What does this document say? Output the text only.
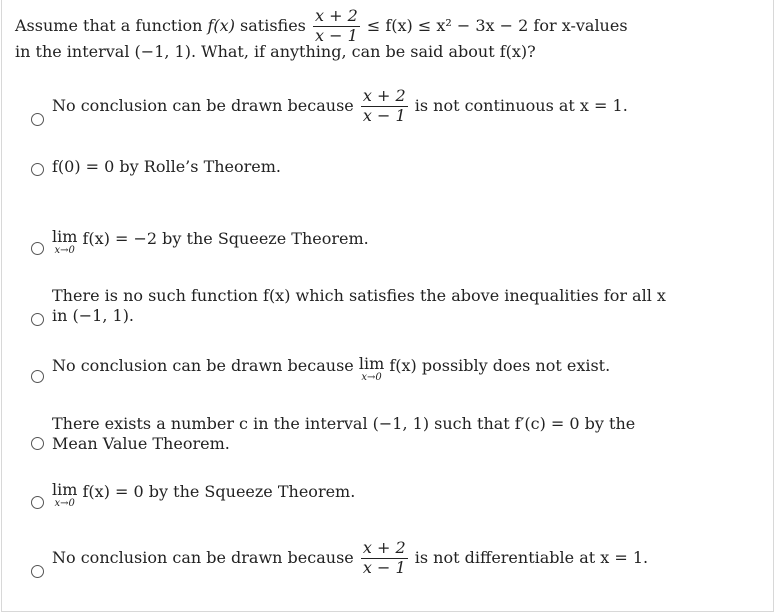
Assume that a function f(x) satisfies $\frac{x + 2}{x - 1} \le f(x) \le x^2 - 3x - 2$ for x-values
in the interval (−1, 1). What, if anything, can be said about f(x)?
No conclusion can be drawn because $\frac{x + 2}{x - 1}$ is not continuous at x = 1.
f(0) = 0 by Rolle’s Theorem.
lim
x→0
f(x) = −2 by the Squeeze Theorem.
There is no such function f(x) which satisfies the above inequalities for all x
in (−1, 1).
No conclusion can be drawn because lim
x→0
f(x) possibly does not exist.
There exists a number c in the interval (−1, 1) such that f′(c) = 0 by the
Mean Value Theorem.
lim
x→0
f(x) = 0 by the Squeeze Theorem.
No conclusion can be drawn because $\frac{x + 2}{x - 1}$ is not differentiable at x = 1.
